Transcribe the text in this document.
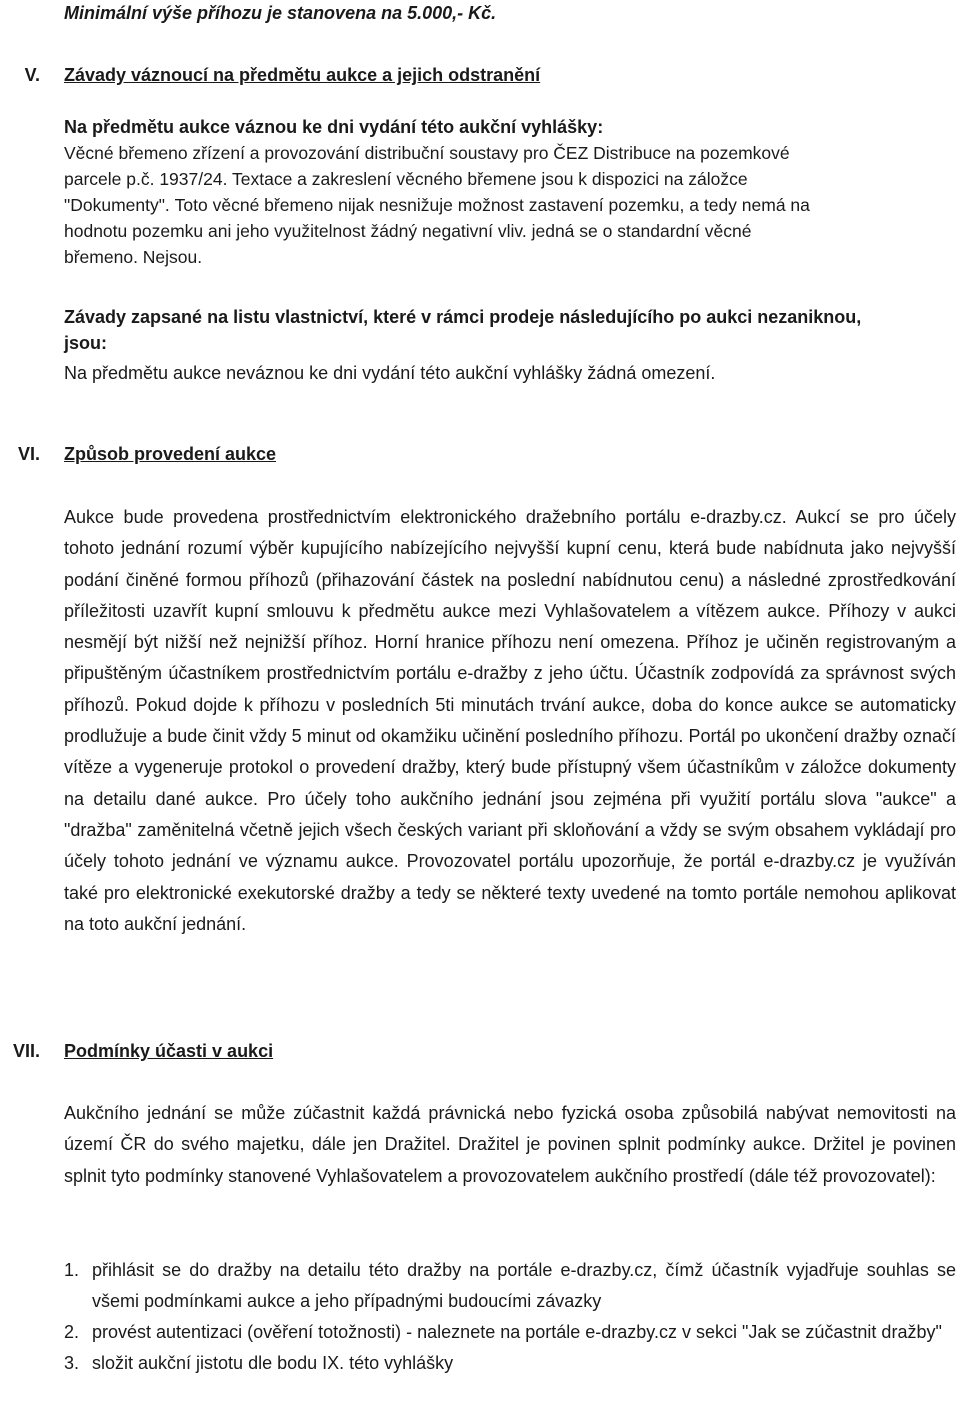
Minimální výše příhozu je stanovena na 5.000,- Kč.
V. Závady váznoucí na předmětu aukce a jejich odstranění
Na předmětu aukce váznou ke dni vydání této aukční vyhlášky:
Věcné břemeno zřízení a provozování distribuční soustavy pro ČEZ Distribuce na pozemkové
parcele p.č. 1937/24. Textace a zakreslení věcného břemene jsou k dispozici na záložce
"Dokumenty". Toto věcné břemeno nijak nesnižuje možnost zastavení pozemku, a tedy nemá na
hodnotu pozemku ani jeho využitelnost žádný negativní vliv. jedná se o standardní věcné
břemeno. Nejsou.
Závady zapsané na listu vlastnictví, které v rámci prodeje následujícího po aukci nezaniknou,
jsou:
Na předmětu aukce neváznou ke dni vydání této aukční vyhlášky žádná omezení.
VI. Způsob provedení aukce
Aukce bude provedena prostřednictvím elektronického dražebního portálu e-drazby.cz. Aukcí se pro účely tohoto jednání rozumí výběr kupujícího nabízejícího nejvyšší kupní cenu, která bude nabídnuta jako nejvyšší podání činěné formou příhozů (přihazování částek na poslední nabídnutou cenu) a následné zprostředkování příležitosti uzavřít kupní smlouvu k předmětu aukce mezi Vyhlašovatelem a vítězem aukce. Příhozy v aukci nesmějí být nižší než nejnižší příhoz. Horní hranice příhozu není omezena. Příhoz je učiněn registrovaným a připuštěným účastníkem prostřednictvím portálu e-dražby z jeho účtu. Účastník zodpovídá za správnost svých příhozů. Pokud dojde k příhozu v posledních 5ti minutách trvání aukce, doba do konce aukce se automaticky prodlužuje a bude činit vždy 5 minut od okamžiku učinění posledního příhozu. Portál po ukončení dražby označí vítěze a vygeneruje protokol o provedení dražby, který bude přístupný všem účastníkům v záložce dokumenty na detailu dané aukce. Pro účely toho aukčního jednání jsou zejména při využití portálu slova "aukce" a "dražba" zaměnitelná včetně jejich všech českých variant při skloňování a vždy se svým obsahem vykládají pro účely tohoto jednání ve významu aukce. Provozovatel portálu upozorňuje, že portál e-drazby.cz je využíván také pro elektronické exekutorské dražby a tedy se některé texty uvedené na tomto portále nemohou aplikovat na toto aukční jednání.
VII. Podmínky účasti v aukci
Aukčního jednání se může zúčastnit každá právnická nebo fyzická osoba způsobilá nabývat nemovitosti na území ČR do svého majetku, dále jen Dražitel. Dražitel je povinen splnit podmínky aukce. Držitel je povinen splnit tyto podmínky stanovené Vyhlašovatelem a provozovatelem aukčního prostředí (dále též provozovatel):
1. přihlásit se do dražby na detailu této dražby na portále e-drazby.cz, čímž účastník vyjadřuje souhlas se všemi podmínkami aukce a jeho případnými budoucími závazky
2. provést autentizaci (ověření totožnosti) - naleznete na portále e-drazby.cz v sekci "Jak se zúčastnit dražby"
3. složit aukční jistotu dle bodu IX. této vyhlášky
